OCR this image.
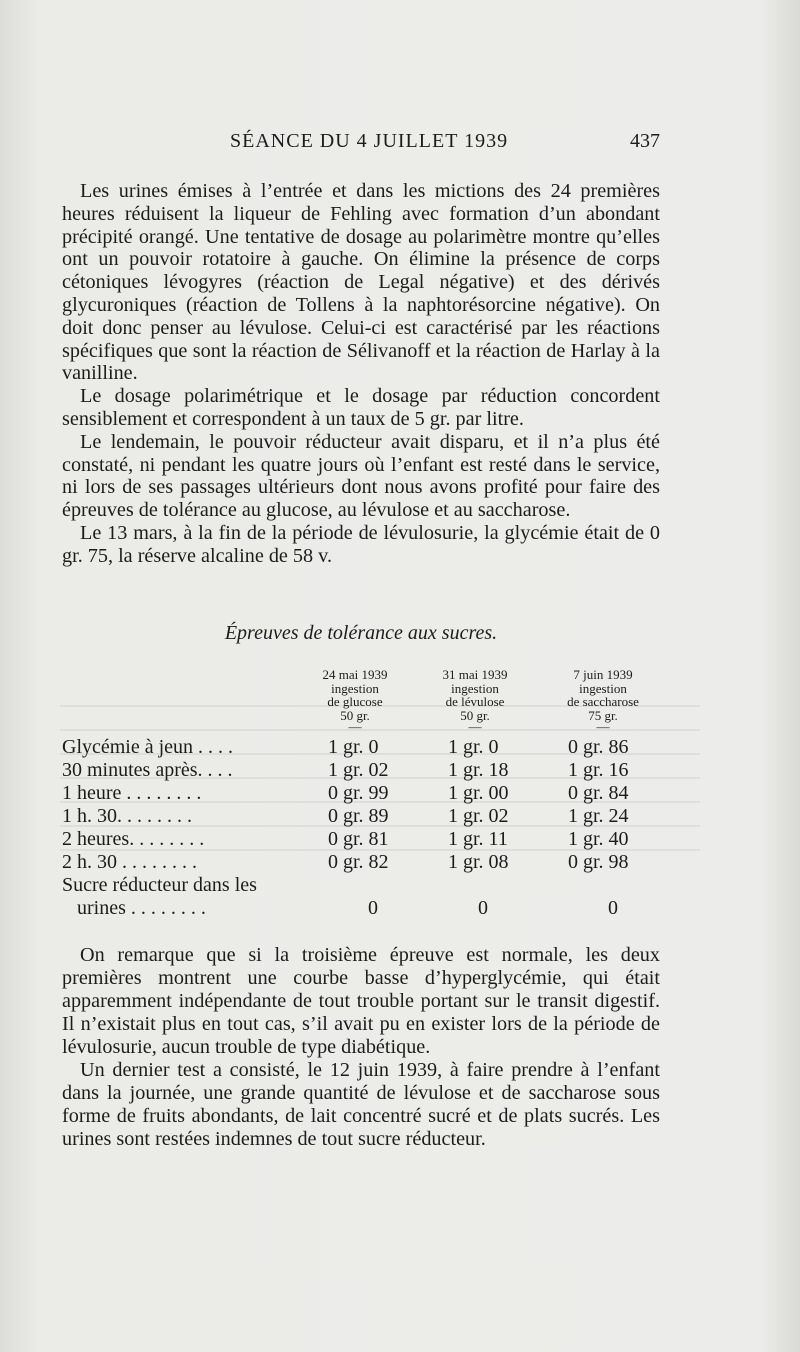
SÉANCE DU 4 JUILLET 1939	437

Les urines émises à l’entrée et dans les mictions des 24 premières heures réduisent la liqueur de Fehling avec formation d’un abondant précipité orangé. Une tentative de dosage au polarimètre montre qu’elles ont un pouvoir rotatoire à gauche. On élimine la présence de corps cétoniques lévogyres (réaction de Legal négative) et des dérivés glycuroniques (réaction de Tollens à la naphtorésorcine négative). On doit donc penser au lévulose. Celui-ci est caractérisé par les réactions spécifiques que sont la réaction de Sélivanoff et la réaction de Harlay à la vanilline.

Le dosage polarimétrique et le dosage par réduction concordent sensiblement et correspondent à un taux de 5 gr. par litre.

Le lendemain, le pouvoir réducteur avait disparu, et il n’a plus été constaté, ni pendant les quatre jours où l’enfant est resté dans le service, ni lors de ses passages ultérieurs dont nous avons profité pour faire des épreuves de tolérance au glucose, au lévulose et au saccharose.

Le 13 mars, à la fin de la période de lévulosurie, la glycémie était de 0 gr. 75, la réserve alcaline de 58 v.

Épreuves de tolérance aux sucres.
24 mai 1939
ingestion
de glucose
50 gr.
—
31 mai 1939
ingestion
de lévulose
50 gr.
—
7 juin 1939
ingestion
de saccharose
75 gr.
—
Glycémie à jeun . . . .	1 gr. 0	1 gr. 0	0 gr. 86
30 minutes après. . . .	1 gr. 02	1 gr. 18	1 gr. 16
1 heure . . . . . . . .	0 gr. 99	1 gr. 00	0 gr. 84
1 h. 30. . . . . . . .	0 gr. 89	1 gr. 02	1 gr. 24
2 heures. . . . . . . .	0 gr. 81	1 gr. 11	1 gr. 40
2 h. 30 . . . . . . . .	0 gr. 82	1 gr. 08	0 gr. 98
Sucre réducteur dans les
urines . . . . . . . .	0	0	0

On remarque que si la troisième épreuve est normale, les deux premières montrent une courbe basse d’hyperglycémie, qui était apparemment indépendante de tout trouble portant sur le transit digestif. Il n’existait plus en tout cas, s’il avait pu en exister lors de la période de lévulosurie, aucun trouble de type diabétique.

Un dernier test a consisté, le 12 juin 1939, à faire prendre à l’enfant dans la journée, une grande quantité de lévulose et de saccharose sous forme de fruits abondants, de lait concentré sucré et de plats sucrés. Les urines sont restées indemnes de tout sucre réducteur.
